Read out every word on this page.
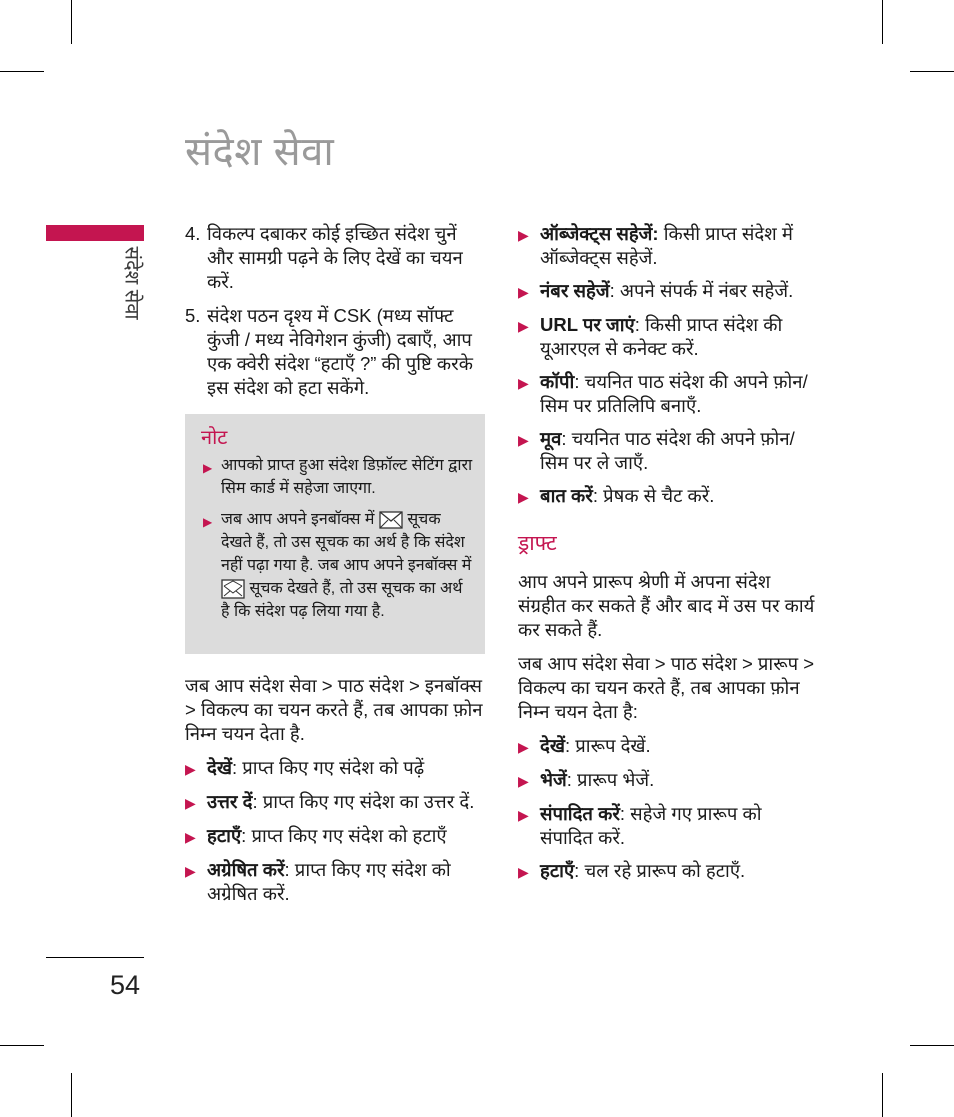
संदेश सेवा
संदेश सेवा
54
4. विकल्प दबाकर कोई इच्छित संदेश चुनें और सामग्री पढ़ने के लिए देखें का चयन करें.
5. संदेश पठन दृश्य में CSK (मध्य सॉफ्ट कुंजी / मध्य नेविगेशन कुंजी) दबाएँ, आप एक क्वेरी संदेश “हटाएँ ?” की पुष्टि करके इस संदेश को हटा सकेंगे.
नोट
▶ आपको प्राप्त हुआ संदेश डिफ़ॉल्ट सेटिंग द्वारा सिम कार्ड में सहेजा जाएगा.
▶ जब आप अपने इनबॉक्स में सूचक देखते हैं, तो उस सूचक का अर्थ है कि संदेश नहीं पढ़ा गया है. जब आप अपने इनबॉक्स में  सूचक देखते हैं, तो उस सूचक का अर्थ है कि संदेश पढ़ लिया गया है.

जब आप संदेश सेवा > पाठ संदेश > इनबॉक्स > विकल्प का चयन करते हैं, तब आपका फ़ोन निम्न चयन देता है.

▶ देखें: प्राप्त किए गए संदेश को पढ़ें
▶ उत्तर दें: प्राप्त किए गए संदेश का उत्तर दें.
▶ हटाएँ: प्राप्त किए गए संदेश को हटाएँ
▶ अग्रेषित करें: प्राप्त किए गए संदेश को अग्रेषित करें.
▶ ऑब्जेक्ट्स सहेजें: किसी प्राप्त संदेश में ऑब्जेक्ट्स सहेजें.
▶ नंबर सहेजें: अपने संपर्क में नंबर सहेजें.
▶ URL पर जाएं: किसी प्राप्त संदेश की यूआरएल से कनेक्ट करें.
▶ कॉपी: चयनित पाठ संदेश की अपने फ़ोन/ सिम पर प्रतिलिपि बनाएँ.
▶ मूव: चयनित पाठ संदेश की अपने फ़ोन/ सिम पर ले जाएँ.
▶ बात करें: प्रेषक से चैट करें.
ड्राफ्ट

आप अपने प्रारूप श्रेणी में अपना संदेश संग्रहीत कर सकते हैं और बाद में उस पर कार्य कर सकते हैं.

जब आप संदेश सेवा > पाठ संदेश > प्रारूप > विकल्प का चयन करते हैं, तब आपका फ़ोन निम्न चयन देता है:

▶ देखें: प्रारूप देखें.
▶ भेजें: प्रारूप भेजें.
▶ संपादित करें: सहेजे गए प्रारूप को संपादित करें.
▶ हटाएँ: चल रहे प्रारूप को हटाएँ.
